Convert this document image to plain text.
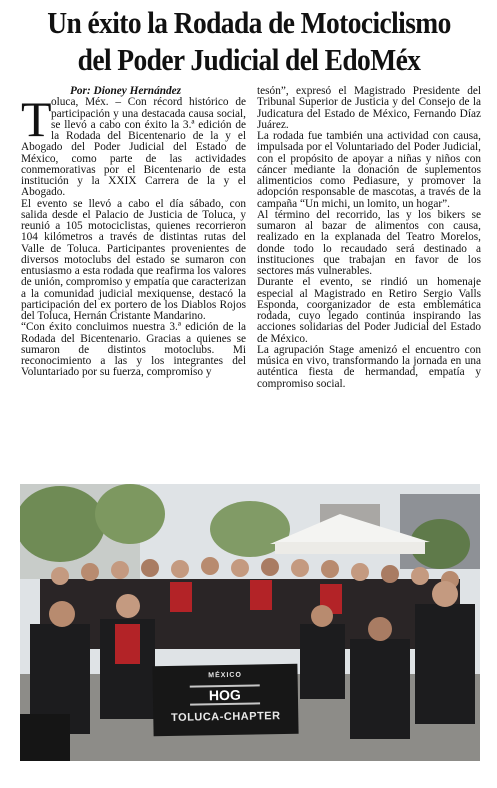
Un éxito la Rodada de Motociclismo
del Poder Judicial del EdoMéx

Por: Dioney Hernández

T oluca, Méx. – Con récord histórico de participación y una destacada causa social, se llevó a cabo con éxito la 3.ª edición de la Rodada del Bicentenario de la y el Abogado del Poder Judicial del Estado de México, como parte de las actividades conmemorativas por el Bicentenario de esta institución y la XXIX Carrera de la y el Abogado.

El evento se llevó a cabo el día sábado, con salida desde el Palacio de Justicia de Toluca, y reunió a 105 motociclistas, quienes recorrieron 104 kilómetros a través de distintas rutas del Valle de Toluca. Participantes provenientes de diversos motoclubs del estado se sumaron con entusiasmo a esta rodada que reafirma los valores de unión, compromiso y empatía que caracterizan a la comunidad judicial mexiquense, destacó la participación del ex portero de los Diablos Rojos del Toluca, Hernán Cristante Mandarino.

“Con éxito concluimos nuestra 3.ª edición de la Rodada del Bicentenario. Gracias a quienes se sumaron de distintos motoclubs. Mi reconocimiento a las y los integrantes del Voluntariado por su fuerza, compromiso y

tesón”, expresó el Magistrado Presidente del Tribunal Superior de Justicia y del Consejo de la Judicatura del Estado de México, Fernando Díaz Juárez.

La rodada fue también una actividad con causa, impulsada por el Voluntariado del Poder Judicial, con el propósito de apoyar a niñas y niños con cáncer mediante la donación de suplementos alimenticios como Pediasure, y promover la adopción responsable de mascotas, a través de la campaña “Un michi, un lomito, un hogar”.

Al término del recorrido, las y los bikers se sumaron al bazar de alimentos con causa, realizado en la explanada del Teatro Morelos, donde todo lo recaudado será destinado a instituciones que trabajan en favor de los sectores más vulnerables.

Durante el evento, se rindió un homenaje especial al Magistrado en Retiro Sergio Valls Esponda, coorganizador de esta emblemática rodada, cuyo legado continúa inspirando las acciones solidarias del Poder Judicial del Estado de México.

La agrupación Stage amenizó el encuentro con música en vivo, transformando la jornada en una auténtica fiesta de hermandad, empatía y compromiso social.

MÉXICO
HOG
TOLUCA-CHAPTER
